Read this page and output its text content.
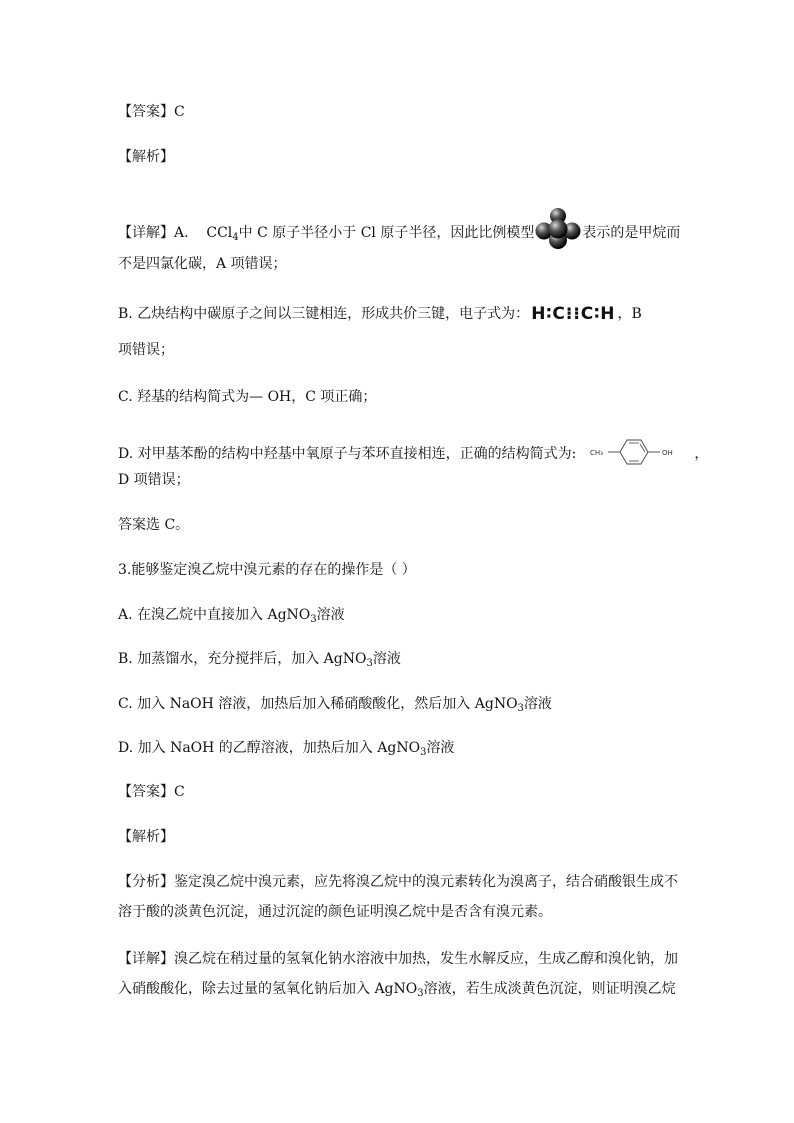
【答案】C
【解析】
【详解】A. CCl$_4$中 C 原子半径小于 Cl 原子半径，因此比例模型	表示的是甲烷而
不是四氯化碳，A 项错误；
B. 乙炔结构中碳原子之间以三键相连，形成共价三键，电子式为： H∶C⁝⁝C∶H ，B
项错误；
C. 羟基的结构简式为— OH，C 项正确；
D. 对甲基苯酚的结构中羟基中氧原子与苯环直接相连，正确的结构简式为: CH₃	OH ，
D 项错误；
答案选 C。
3.能够鉴定溴乙烷中溴元素的存在的操作是（ ）
A. 在溴乙烷中直接加入 AgNO$_3$溶液
B. 加蒸馏水，充分搅拌后，加入 AgNO$_3$溶液
C. 加入 NaOH 溶液，加热后加入稀硝酸酸化，然后加入 AgNO$_3$溶液
D. 加入 NaOH 的乙醇溶液，加热后加入 AgNO$_3$溶液
【答案】C
【解析】
【分析】鉴定溴乙烷中溴元素，应先将溴乙烷中的溴元素转化为溴离子，结合硝酸银生成不
溶于酸的淡黄色沉淀，通过沉淀的颜色证明溴乙烷中是否含有溴元素。
【详解】溴乙烷在稍过量的氢氧化钠水溶液中加热，发生水解反应，生成乙醇和溴化钠，加
入硝酸酸化，除去过量的氢氧化钠后加入 AgNO$_3$溶液，若生成淡黄色沉淀，则证明溴乙烷
